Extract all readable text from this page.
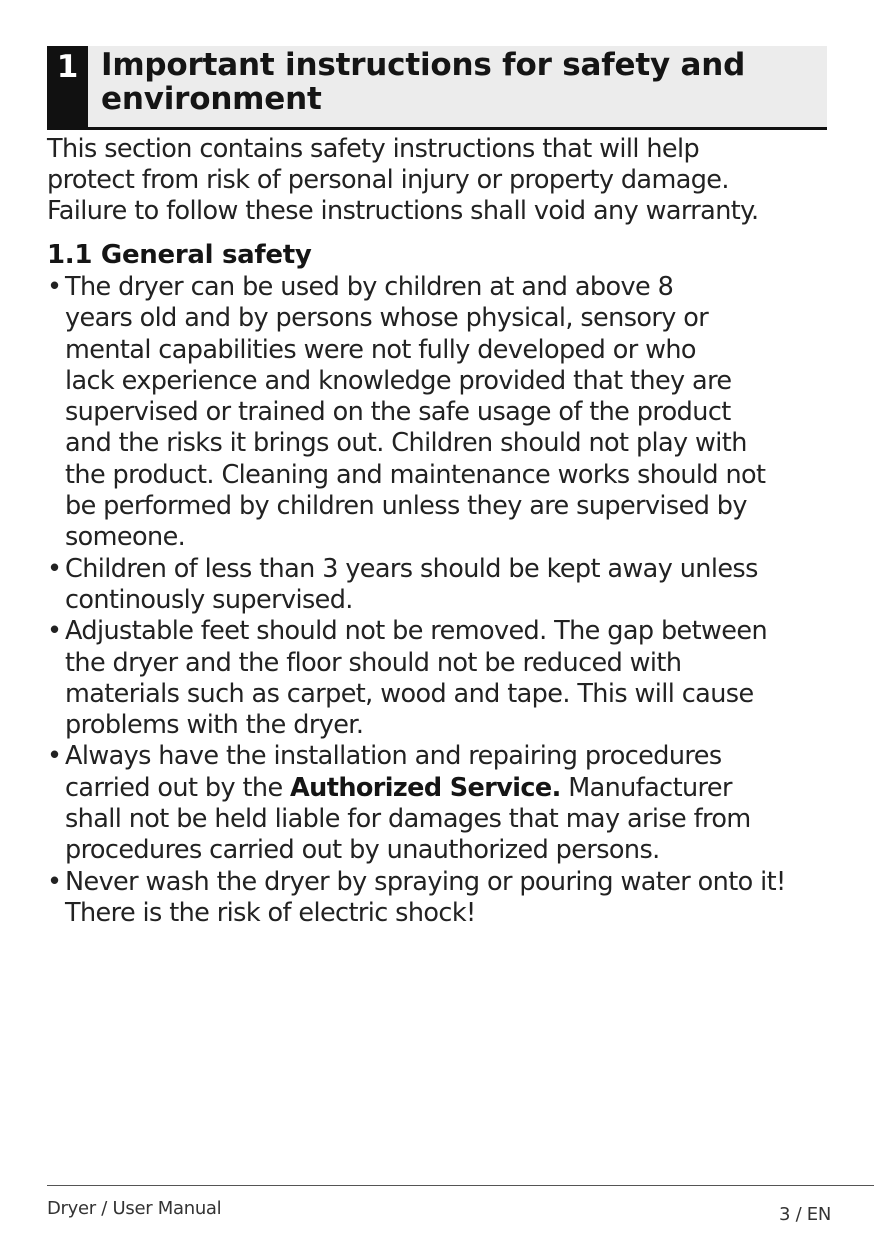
1 Important instructions for safety and environment

This section contains safety instructions that will help
protect from risk of personal injury or property damage.
Failure to follow these instructions shall void any warranty.

1.1 General safety
• The dryer can be used by children at and above 8
years old and by persons whose physical, sensory or
mental capabilities were not fully developed or who
lack experience and knowledge provided that they are
supervised or trained on the safe usage of the product
and the risks it brings out. Children should not play with
the product. Cleaning and maintenance works should not
be performed by children unless they are supervised by
someone.
• Children of less than 3 years should be kept away unless
continously supervised.
• Adjustable feet should not be removed. The gap between
the dryer and the floor should not be reduced with
materials such as carpet, wood and tape. This will cause
problems with the dryer.
• Always have the installation and repairing procedures
carried out by the Authorized Service. Manufacturer
shall not be held liable for damages that may arise from
procedures carried out by unauthorized persons.
• Never wash the dryer by spraying or pouring water onto it!
There is the risk of electric shock!
Dryer / User Manual	3 / EN
